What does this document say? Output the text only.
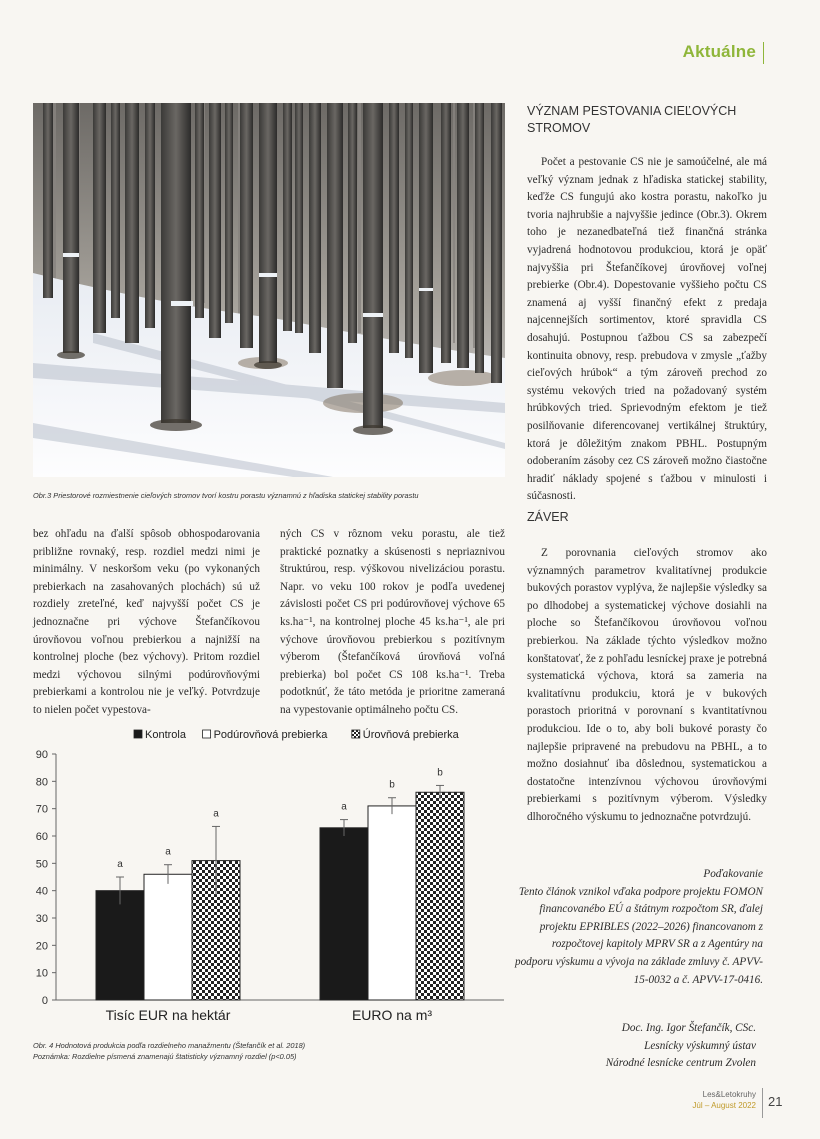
Aktuálne
Obr.3 Priestorové rozmiestnenie cieľových stromov tvorí kostru porastu významnú z hľadiska statickej stability porastu
VÝZNAM PESTOVANIA CIEĽOVÝCH STROMOV

Počet a pestovanie CS nie je samoúčelné, ale má veľký význam jednak z hľadiska statickej stability, keďže CS fungujú ako kostra porastu, nakoľko ju tvoria najhrubšie a najvyššie jedince (Obr.3). Okrem toho je nezanedbateľná tiež finančná stránka vyjadrená hodnotovou produkciou, ktorá je opäť najvyššia pri Štefančíkovej úrovňovej voľnej prebierke (Obr.4). Dopestovanie vyššieho počtu CS znamená aj vyšší finančný efekt z predaja najcennejších sortimentov, ktoré spravidla CS dosahujú. Postupnou ťažbou CS sa zabezpečí kontinuita obnovy, resp. prebudova v zmysle „ťažby cieľových hrúbok“ a tým zároveň prechod zo systému vekových tried na požadovaný systém hrúbkových tried. Sprievodným efektom je tiež posilňovanie diferencovanej vertikálnej štruktúry, ktorá je dôležitým znakom PBHL. Postupným odoberaním zásoby cez CS zároveň možno čiastočne hradiť náklady spojené s ťažbou v minulosti i súčasnosti.

ZÁVER

Z porovnania cieľových stromov ako významných parametrov kvalitatívnej produkcie bukových porastov vyplýva, že najlepšie výsledky sa po dlhodobej a systematickej výchove dosiahli na ploche so Štefančíkovou úrovňovou voľnou prebierkou. Na základe týchto výsledkov možno konštatovať, že z pohľadu lesníckej praxe je potrebná systematická výchova, ktorá sa zameria na kvalitatívnu produkciu, ktorá je v bukových porastoch prioritná v porovnaní s kvantitatívnou produkciou. Ide o to, aby boli bukové porasty čo najlepšie pripravené na prebudovu na PBHL, a to možno dosiahnuť iba dôslednou, systematickou a dostatočne intenzívnou výchovou úrovňovými prebierkami s pozitívnym výberom. Výsledky dlhoročného výskumu to jednoznačne potvrdzujú.

bez ohľadu na ďalší spôsob obhospodarovania približne rovnaký, resp. rozdiel medzi nimi je minimálny. V neskoršom veku (po vykonaných prebierkach na zasahovaných plochách) sú už rozdiely zreteľné, keď najvyšší počet CS je jednoznačne pri výchove Štefančíkovou úrovňovou voľnou prebierkou a najnižší na kontrolnej ploche (bez výchovy). Pritom rozdiel medzi výchovou silnými podúrovňovými prebierkami a kontrolou nie je veľký. Potvrdzuje to nielen počet vypestova-

ných CS v rôznom veku porastu, ale tiež praktické poznatky a skúsenosti s nepriaznivou štruktúrou, resp. výškovou nivelizáciou porastu. Napr. vo veku 100 rokov je podľa uvedenej závislosti počet CS pri podúrovňovej výchove 65 ks.ha⁻¹, na kontrolnej ploche 45 ks.ha⁻¹, ale pri výchove úrovňovou prebierkou s pozitívnym výberom (Štefančíková úrovňová voľná prebierka) bol počet CS 108 ks.ha⁻¹. Treba podotknúť, že táto metóda je prioritne zameraná na vypestovanie optimálneho počtu CS.

Kontrola	Podúrovňová prebierka	Úrovňová prebierka
0
10
20
30
40
50
60
70
80
90
Tisíc EUR na hektár	EURO na m³
a
a
a
a
b
b
Obr. 4 Hodnotová produkcia podľa rozdielneho manažmentu (Štefančík et al. 2018)
Poznámka: Rozdielne písmená znamenajú štatisticky významný rozdiel (p<0.05)
Poďakovanie
Tento článok vznikol vďaka podpore projektu FOMON financovanébo EÚ a štátnym rozpočtom SR, ďalej projektu EPRIBLES (2022–2026) financovanom z rozpočtovej kapitoly MPRV SR a z Agentúry na podporu výskumu a vývoja na základe zmluvy č. APVV-15-0032 a č. APVV-17-0416.
Doc. Ing. Igor Štefančík, CSc.
Lesnícky výskumný ústav
Národné lesnícke centrum Zvolen
Les&Letokruhy
Júl – August 2022 21
